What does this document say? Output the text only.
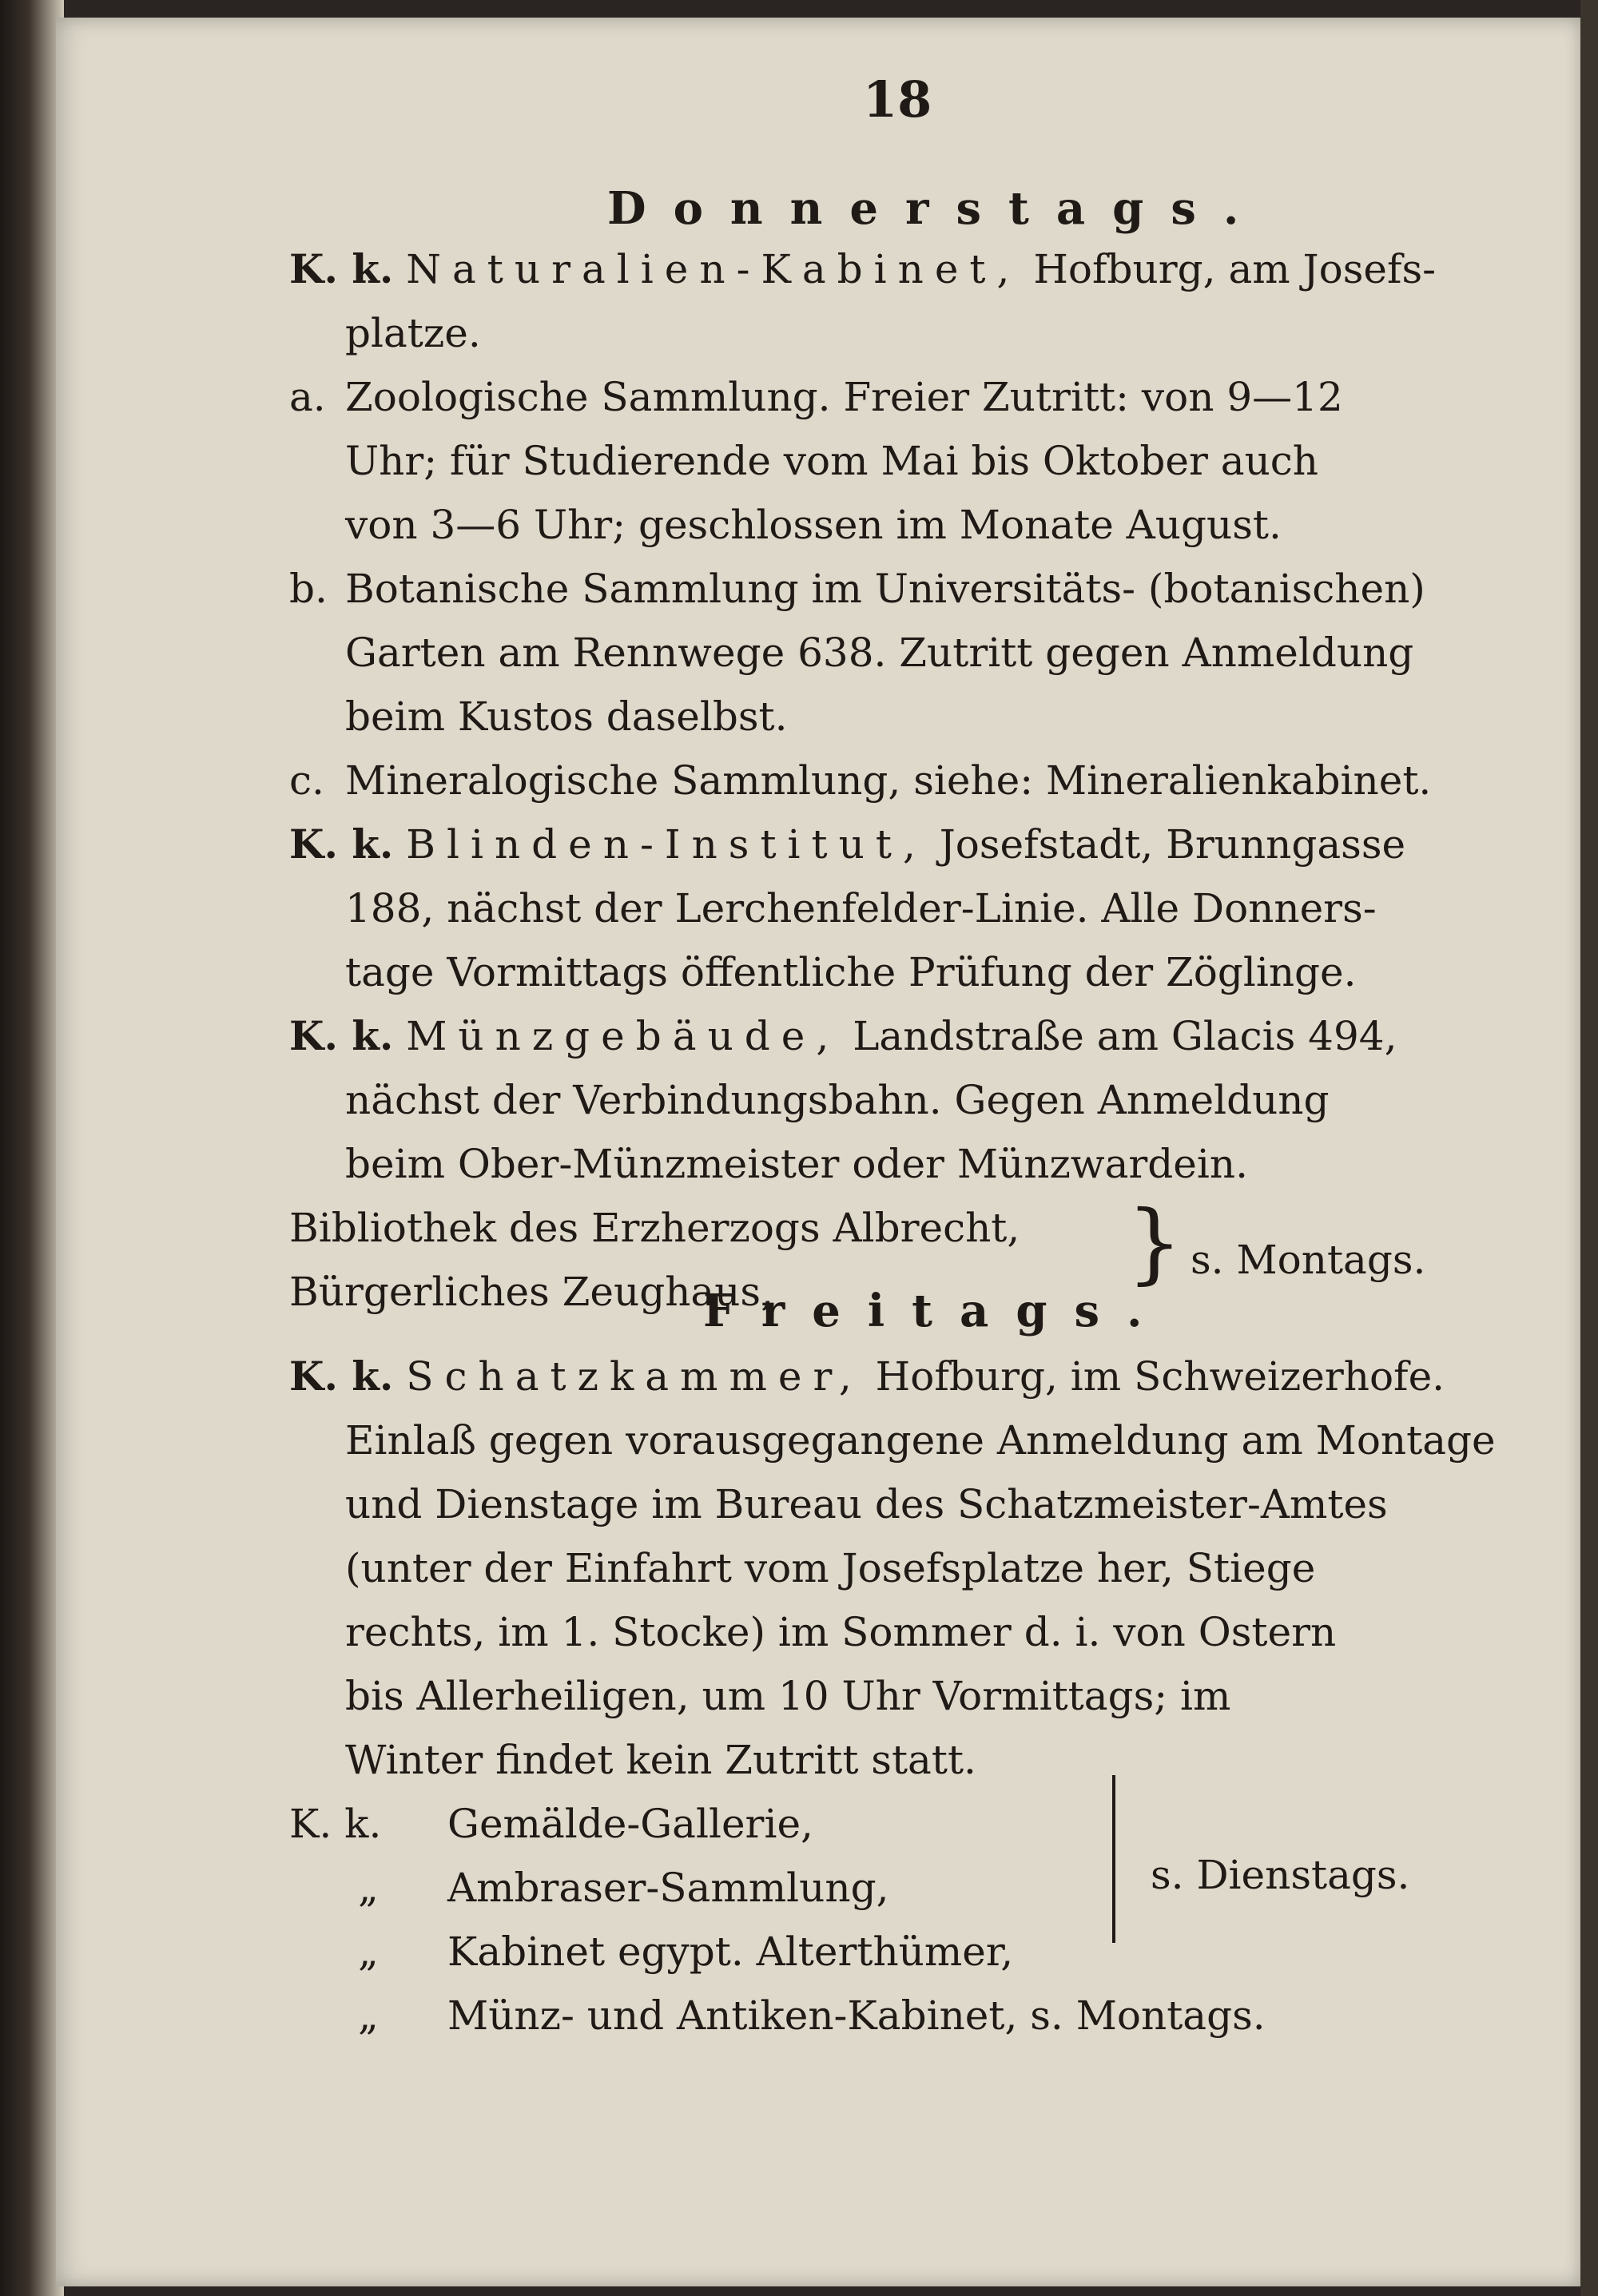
18
Donnerstags.
K. k. Naturalien-Kabinet, Hofburg, am Josefs-
platze.
a. Zoologische Sammlung. Freier Zutritt: von 9—12
Uhr; für Studierende vom Mai bis Oktober auch
von 3—6 Uhr; geschlossen im Monate August.
b. Botanische Sammlung im Universitäts- (botanischen)
Garten am Rennwege 638. Zutritt gegen Anmeldung
beim Kustos daselbst.
c. Mineralogische Sammlung, siehe: Mineralienkabinet.
K. k. Blinden-Institut, Josefstadt, Brunngasse
188, nächst der Lerchenfelder-Linie. Alle Donners-
tage Vormittags öffentliche Prüfung der Zöglinge.
K. k. Münzgebäude, Landstraße am Glacis 494,
nächst der Verbindungsbahn. Gegen Anmeldung
beim Ober-Münzmeister oder Münzwardein.
Bibliothek des Erzherzogs Albrecht,
Bürgerliches Zeughaus,	} s. Montags.
Freitags.
K. k. Schatzkammer, Hofburg, im Schweizerhofe.
Einlaß gegen vorausgegangene Anmeldung am Montage
und Dienstage im Bureau des Schatzmeister-Amtes
(unter der Einfahrt vom Josefsplatze her, Stiege
rechts, im 1. Stocke) im Sommer d. i. von Ostern
bis Allerheiligen, um 10 Uhr Vormittags; im
Winter findet kein Zutritt statt.
K. k. Gemälde-Gallerie,
„ Ambraser-Sammlung,
„ Kabinet egypt. Alterthümer,
s. Dienstags.
„ Münz- und Antiken-Kabinet, s. Montags.
